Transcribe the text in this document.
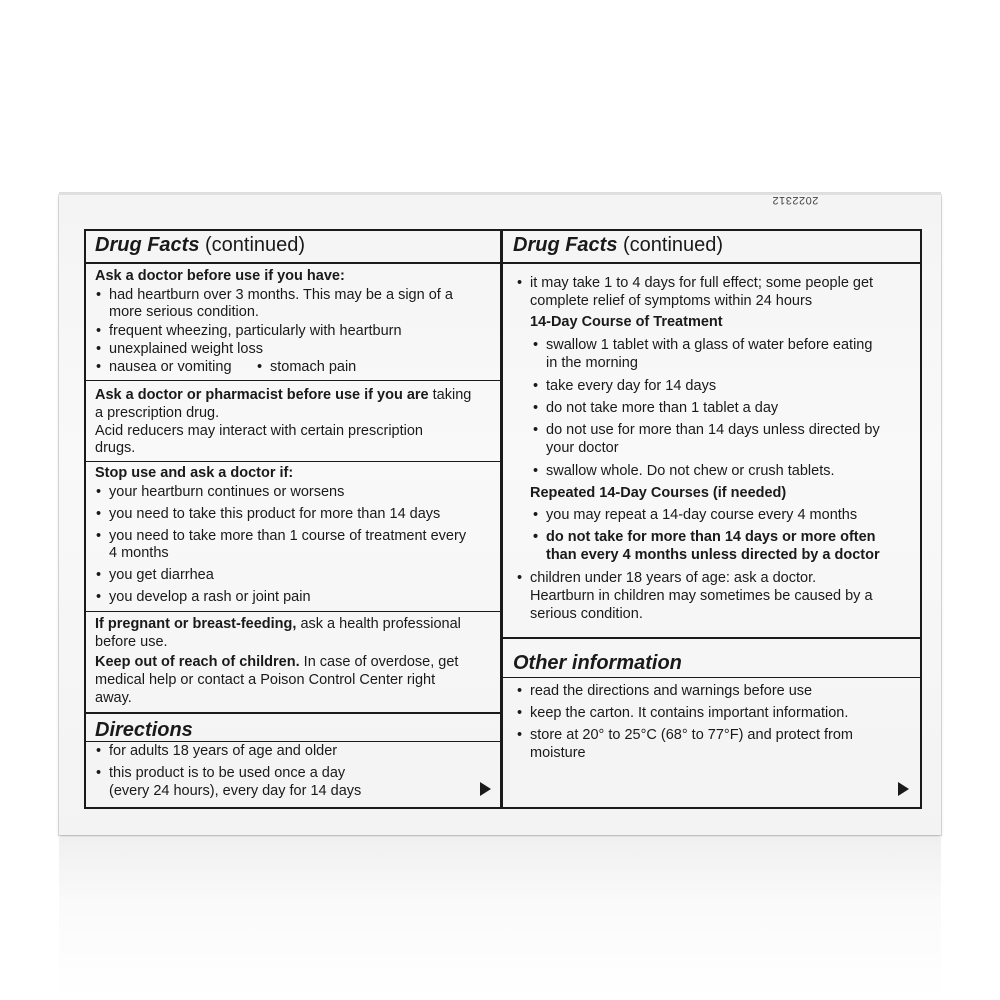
2022312
Drug Facts (continued)
Ask a doctor before use if you have:
• had heartburn over 3 months. This may be a sign of a
more serious condition.
• frequent wheezing, particularly with heartburn
• unexplained weight loss
• nausea or vomiting
•	stomach pain
Ask a doctor or pharmacist before use if you are taking
a prescription drug.
Acid reducers may interact with certain prescription
drugs.
Stop use and ask a doctor if:
• your heartburn continues or worsens
• you need to take this product for more than 14 days
• you need to take more than 1 course of treatment every
4 months
• you get diarrhea
• you develop a rash or joint pain
If pregnant or breast-feeding, ask a health professional
before use.
Keep out of reach of children. In case of overdose, get
medical help or contact a Poison Control Center right
away.
Directions
• for adults 18 years of age and older
• this product is to be used once a day
(every 24 hours), every day for 14 days
Drug Facts (continued)
• it may take 1 to 4 days for full effect; some people get
complete relief of symptoms within 24 hours
14-Day Course of Treatment
• swallow 1 tablet with a glass of water before eating
in the morning
• take every day for 14 days
• do not take more than 1 tablet a day
• do not use for more than 14 days unless directed by
your doctor
• swallow whole. Do not chew or crush tablets.
Repeated 14-Day Courses (if needed)
• you may repeat a 14-day course every 4 months
• do not take for more than 14 days or more often
than every 4 months unless directed by a doctor
• children under 18 years of age: ask a doctor.
Heartburn in children may sometimes be caused by a
serious condition.
Other information
• read the directions and warnings before use
• keep the carton. It contains important information.
• store at 20° to 25°C (68° to 77°F) and protect from
moisture
